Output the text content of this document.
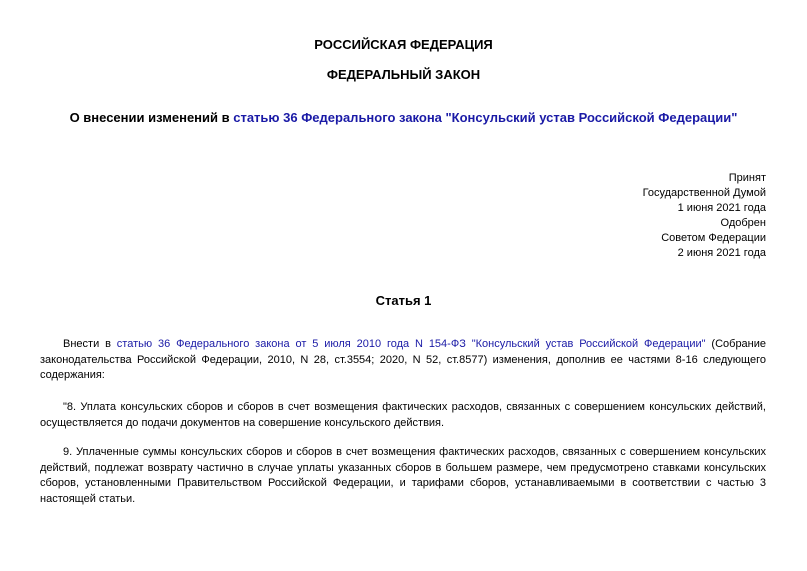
РОССИЙСКАЯ ФЕДЕРАЦИЯ
ФЕДЕРАЛЬНЫЙ ЗАКОН
О внесении изменений в статью 36 Федерального закона "Консульский устав Российской Федерации"
Принят
Государственной Думой
1 июня 2021 года
Одобрен
Советом Федерации
2 июня 2021 года
Статья 1
Внести в статью 36 Федерального закона от 5 июля 2010 года N 154-ФЗ "Консульский устав Российской Федерации" (Собрание законодательства Российской Федерации, 2010, N 28, ст.3554; 2020, N 52, ст.8577) изменения, дополнив ее частями 8-16 следующего содержания:
"8. Уплата консульских сборов и сборов в счет возмещения фактических расходов, связанных с совершением консульских действий, осуществляется до подачи документов на совершение консульского действия.
9. Уплаченные суммы консульских сборов и сборов в счет возмещения фактических расходов, связанных с совершением консульских действий, подлежат возврату частично в случае уплаты указанных сборов в большем размере, чем предусмотрено ставками консульских сборов, установленными Правительством Российской Федерации, и тарифами сборов, устанавливаемыми в соответствии с частью 3 настоящей статьи.
